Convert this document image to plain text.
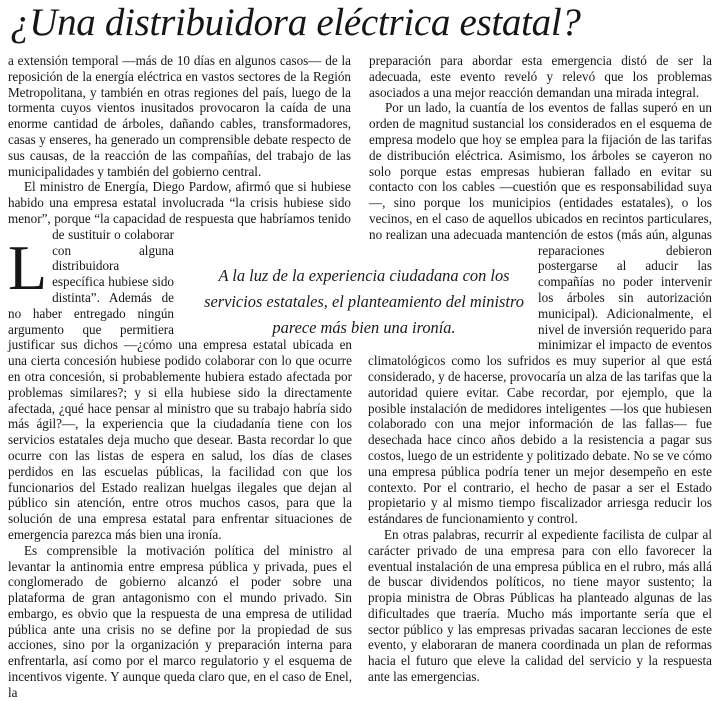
¿Una distribuidora eléctrica estatal?

L
a extensión temporal —más de 10 días en algunos casos— de la reposición de la energía eléctrica en vastos sectores de la Región Metropolitana, y también en otras regiones del país, luego de la tormenta cuyos vientos inusitados provocaron la caída de una enorme cantidad de árboles, dañando cables, transformadores, casas y enseres, ha generado un comprensible debate respecto de sus causas, de la reacción de las compañías, del trabajo de las municipalidades y también del gobierno central.

El ministro de Energía, Diego Pardow, afirmó que si hubiese habido una empresa estatal involucrada “la crisis hubiese sido menor”, porque “la capacidad de respuesta que habríamos tenido de sustituir o colaborar con alguna distribuidora específica hubiese sido distinta”. Además de no haber entregado ningún argumento que permitiera justificar sus dichos —¿cómo una empresa estatal ubicada en una cierta concesión hubiese podido colaborar con lo que ocurre en otra concesión, si probablemente hubiera estado afectada por problemas similares?; y si ella hubiese sido la directamente afectada, ¿qué hace pensar al ministro que su trabajo habría sido más ágil?—, la experiencia que la ciudadanía tiene con los servicios estatales deja mucho que desear. Basta recordar lo que ocurre con las listas de espera en salud, los días de clases perdidos en las escuelas públicas, la facilidad con que los funcionarios del Estado realizan huelgas ilegales que dejan al público sin atención, entre otros muchos casos, para que la solución de una empresa estatal para enfrentar situaciones de emergencia parezca más bien una ironía.

Es comprensible la motivación política del ministro al levantar la antinomia entre empresa pública y privada, pues el conglomerado de gobierno alcanzó el poder sobre una plataforma de gran antagonismo con el mundo privado. Sin embargo, es obvio que la respuesta de una empresa de utilidad pública ante una crisis no se define por la propiedad de sus acciones, sino por la organización y preparación interna para enfrentarla, así como por el marco regulatorio y el esquema de incentivos vigente. Y aunque queda claro que, en el caso de Enel, la

preparación para abordar esta emergencia distó de ser la adecuada, este evento reveló y relevó que los problemas asociados a una mejor reacción demandan una mirada integral.

Por un lado, la cuantía de los eventos de fallas superó en un orden de magnitud sustancial los considerados en el esquema de empresa modelo que hoy se emplea para la fijación de las tarifas de distribución eléctrica. Asimismo, los árboles se cayeron no solo porque estas empresas hubieran fallado en evitar su contacto con los cables —cuestión que es responsabilidad suya—, sino porque los municipios (entidades estatales), o los vecinos, en el caso de aquellos ubicados en recintos particulares, no realizan una adecuada mantención de estos (más aún, algunas reparaciones debieron postergarse al aducir las compañías no poder intervenir los árboles sin autorización municipal). Adicionalmente, el nivel de inversión requerido para minimizar el impacto de eventos climatológicos como los sufridos es muy superior al que está considerado, y de hacerse, provocaría un alza de las tarifas que la autoridad quiere evitar. Cabe recordar, por ejemplo, que la posible instalación de medidores inteligentes —los que hubiesen colaborado con una mejor información de las fallas— fue desechada hace cinco años debido a la resistencia a pagar sus costos, luego de un estridente y politizado debate. No se ve cómo una empresa pública podría tener un mejor desempeño en este contexto. Por el contrario, el hecho de pasar a ser el Estado propietario y al mismo tiempo fiscalizador arriesga reducir los estándares de funcionamiento y control.

En otras palabras, recurrir al expediente facilista de culpar al carácter privado de una empresa para con ello favorecer la eventual instalación de una empresa pública en el rubro, más allá de buscar dividendos políticos, no tiene mayor sustento; la propia ministra de Obras Públicas ha planteado algunas de las dificultades que traería. Mucho más importante sería que el sector público y las empresas privadas sacaran lecciones de este evento, y elaboraran de manera coordinada un plan de reformas hacia el futuro que eleve la calidad del servicio y la respuesta ante las emergencias.

A la luz de la experiencia ciudadana con los servicios estatales, el planteamiento del ministro parece más bien una ironía.
